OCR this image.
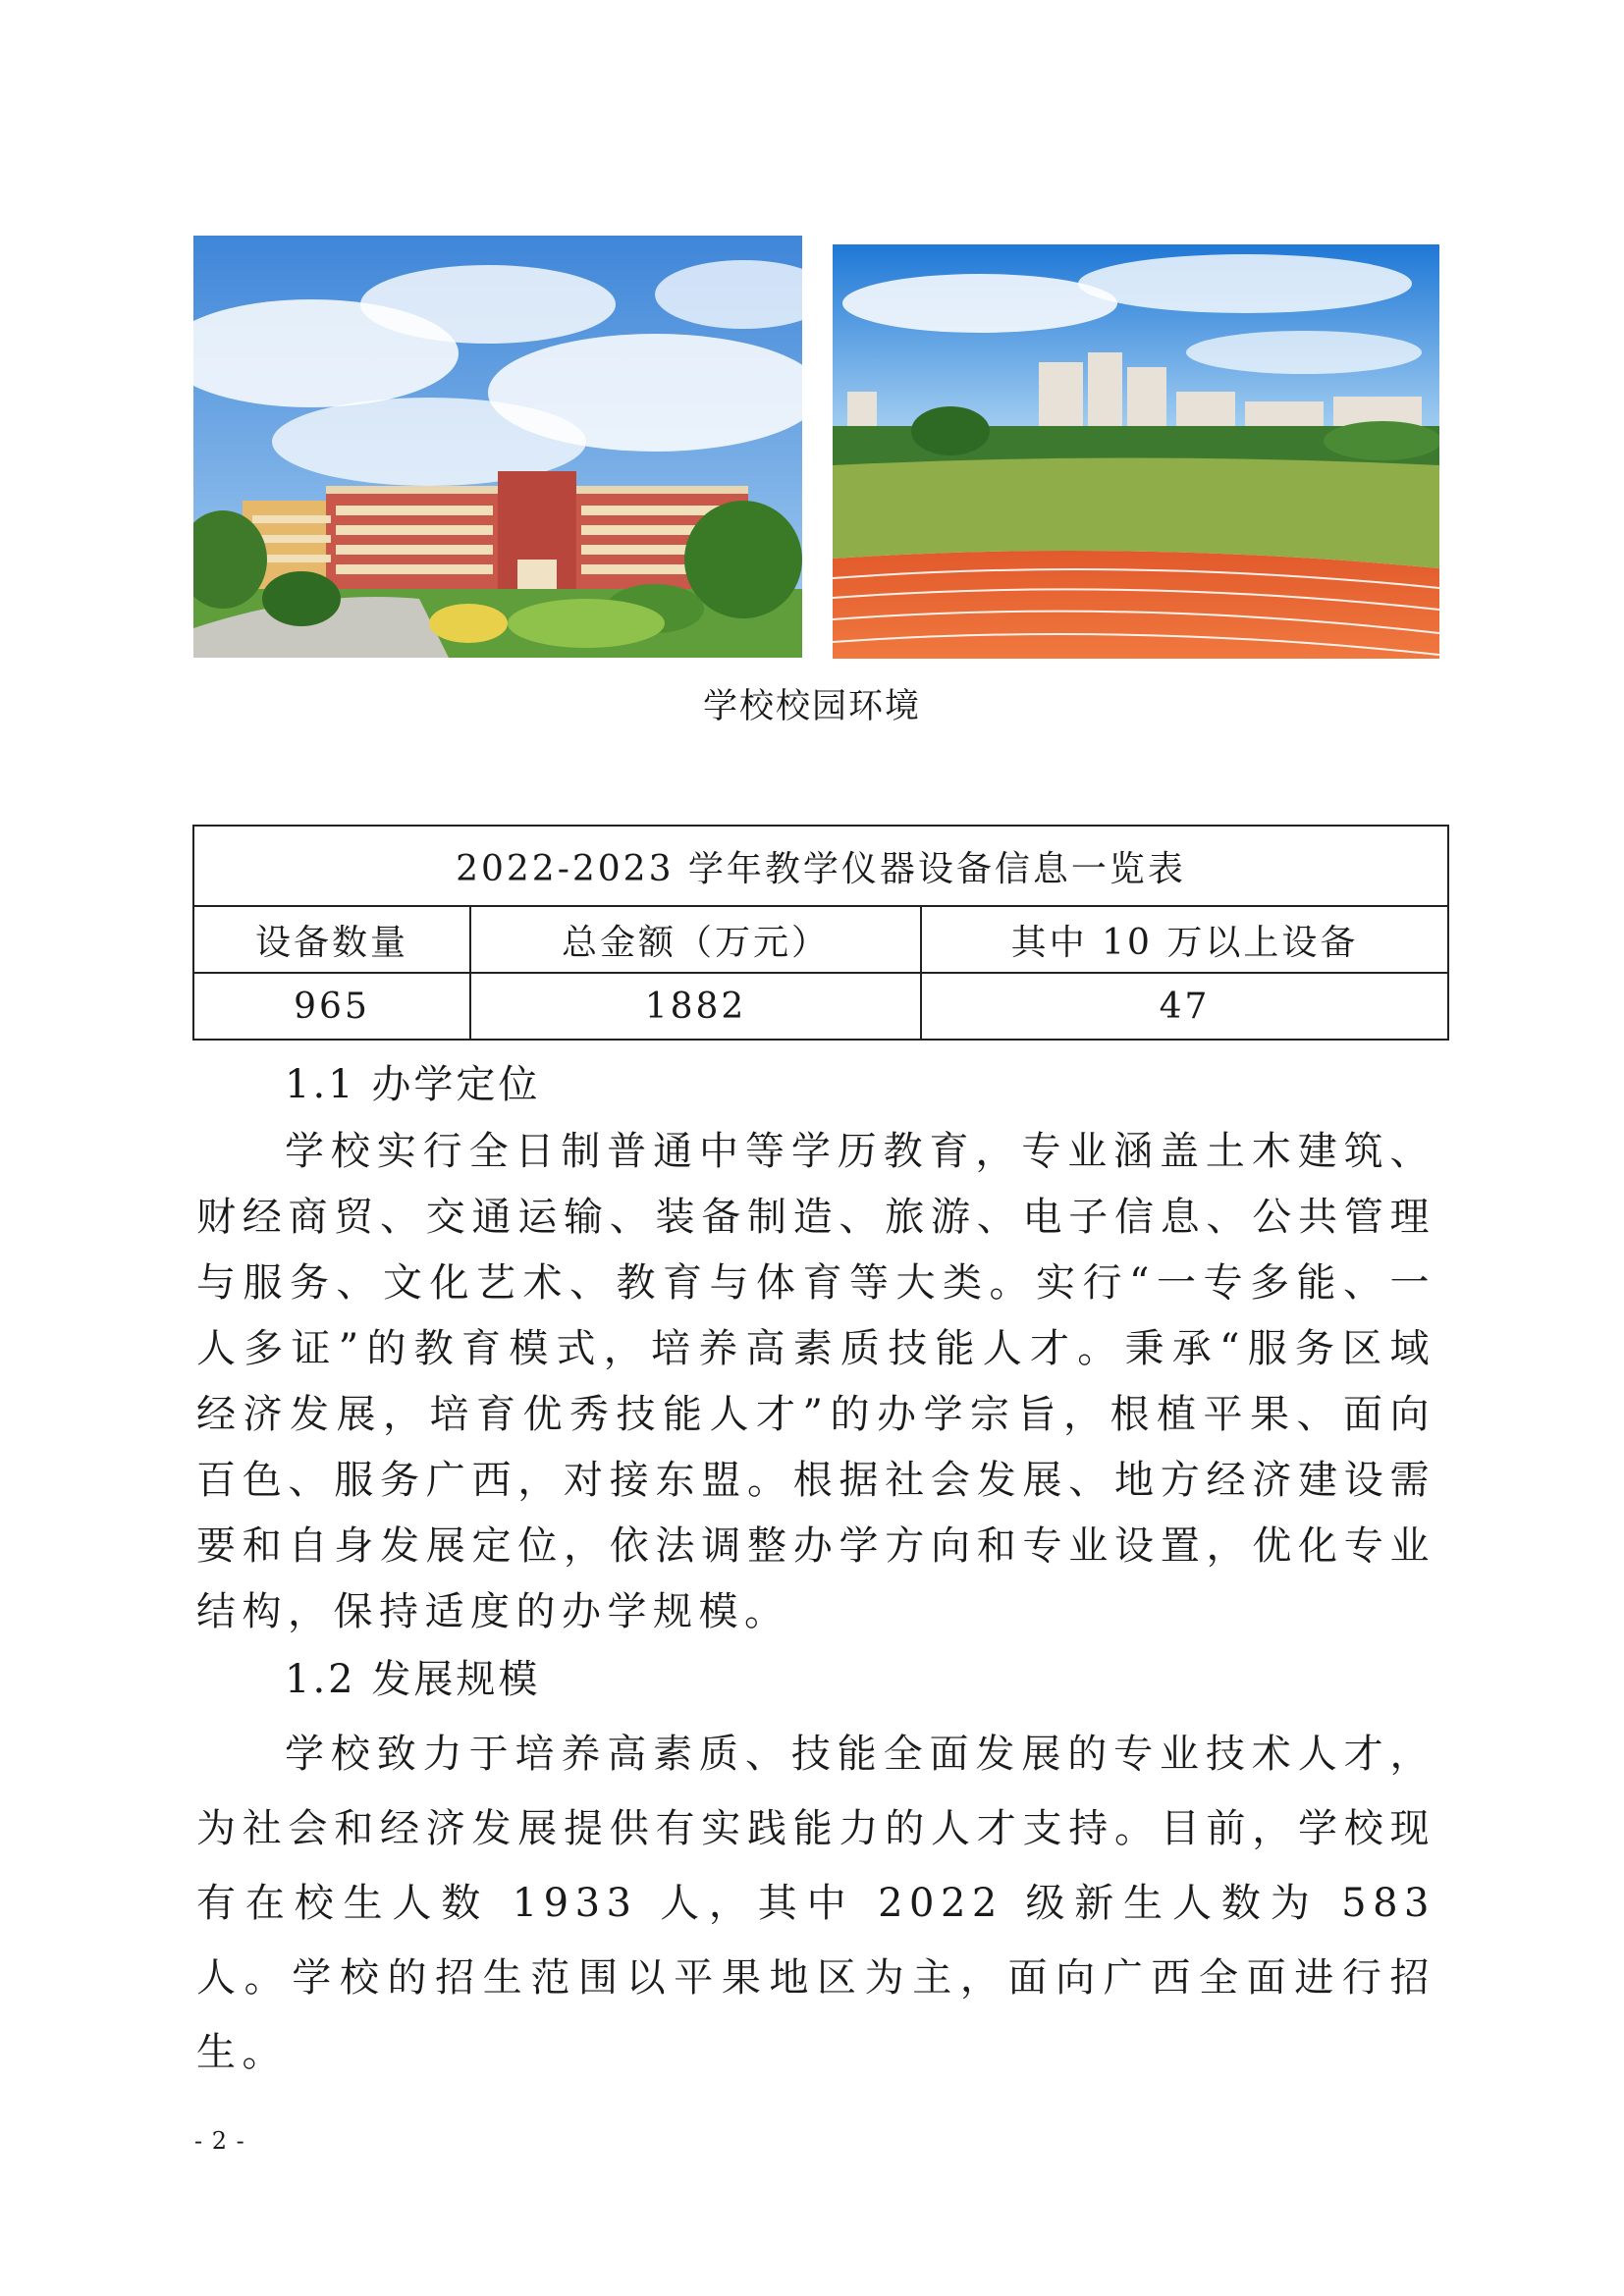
学校校园环境
2022-2023 学年教学仪器设备信息一览表		
设备数量	总金额（万元）	其中 10 万以上设备
965	1882	47
1.1 办学定位

学校实行全日制普通中等学历教育，专业涵盖土木建筑、财经商贸、交通运输、装备制造、旅游、电子信息、公共管理与服务、文化艺术、教育与体育等大类。实行“一专多能、一人多证”的教育模式，培养高素质技能人才。秉承“服务区域经济发展，培育优秀技能人才”的办学宗旨，根植平果、面向百色、服务广西，对接东盟。根据社会发展、地方经济建设需要和自身发展定位，依法调整办学方向和专业设置，优化专业结构，保持适度的办学规模。

1.2 发展规模

学校致力于培养高素质、技能全面发展的专业技术人才，为社会和经济发展提供有实践能力的人才支持。目前，学校现有在校生人数 1933 人，其中 2022 级新生人数为 583 人。学校的招生范围以平果地区为主，面向广西全面进行招生。

- 2 -
